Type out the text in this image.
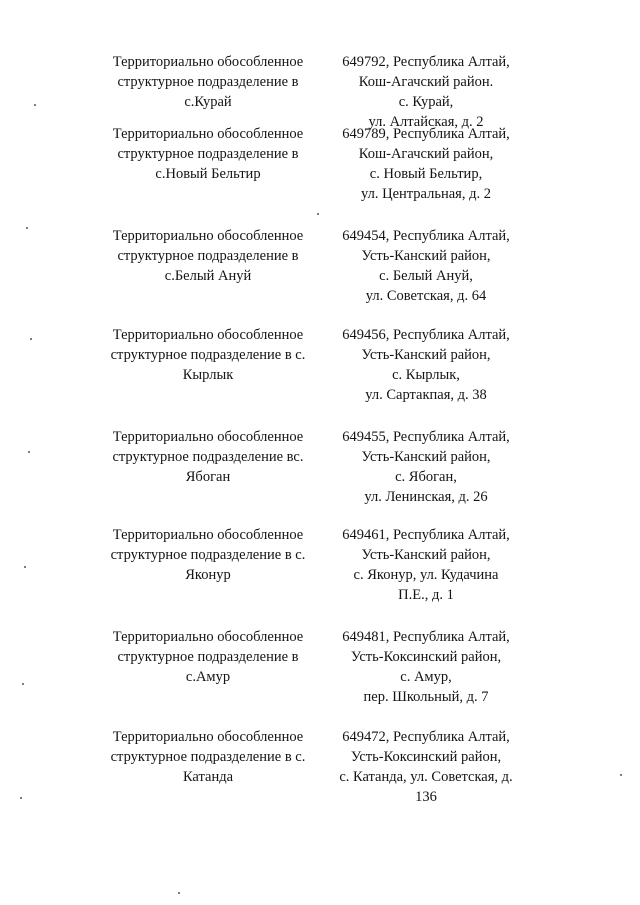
Территориально обособленное
структурное подразделение в
с.Курай
649792, Республика Алтай,
Кош-Агачский район.
с. Курай,
ул. Алтайская, д. 2
Территориально обособленное
структурное подразделение в
с.Новый Бельтир
649789, Республика Алтай,
Кош-Агачский район,
с. Новый Бельтир,
ул. Центральная, д. 2
Территориально обособленное
структурное подразделение в
с.Белый Ануй
649454, Республика Алтай,
Усть-Канский район,
с. Белый Ануй,
ул. Советская, д. 64
Территориально обособленное
структурное подразделение в с.
Кырлык
649456, Республика Алтай,
Усть-Канский район,
с. Кырлык,
ул. Сартакпая, д. 38
Территориально обособленное
структурное подразделение вс.
Ябоган
649455, Республика Алтай,
Усть-Канский район,
с. Ябоган,
ул. Ленинская, д. 26
Территориально обособленное
структурное подразделение в с.
Яконур
649461, Республика Алтай,
Усть-Канский район,
с. Яконур, ул. Кудачина
П.Е., д. 1
Территориально обособленное
структурное подразделение в
с.Амур
649481, Республика Алтай,
Усть-Коксинский район,
с. Амур,
пер. Школьный, д. 7
Территориально обособленное
структурное подразделение в с.
Катанда
649472, Республика Алтай,
Усть-Коксинский район,
с. Катанда, ул. Советская, д.
136
